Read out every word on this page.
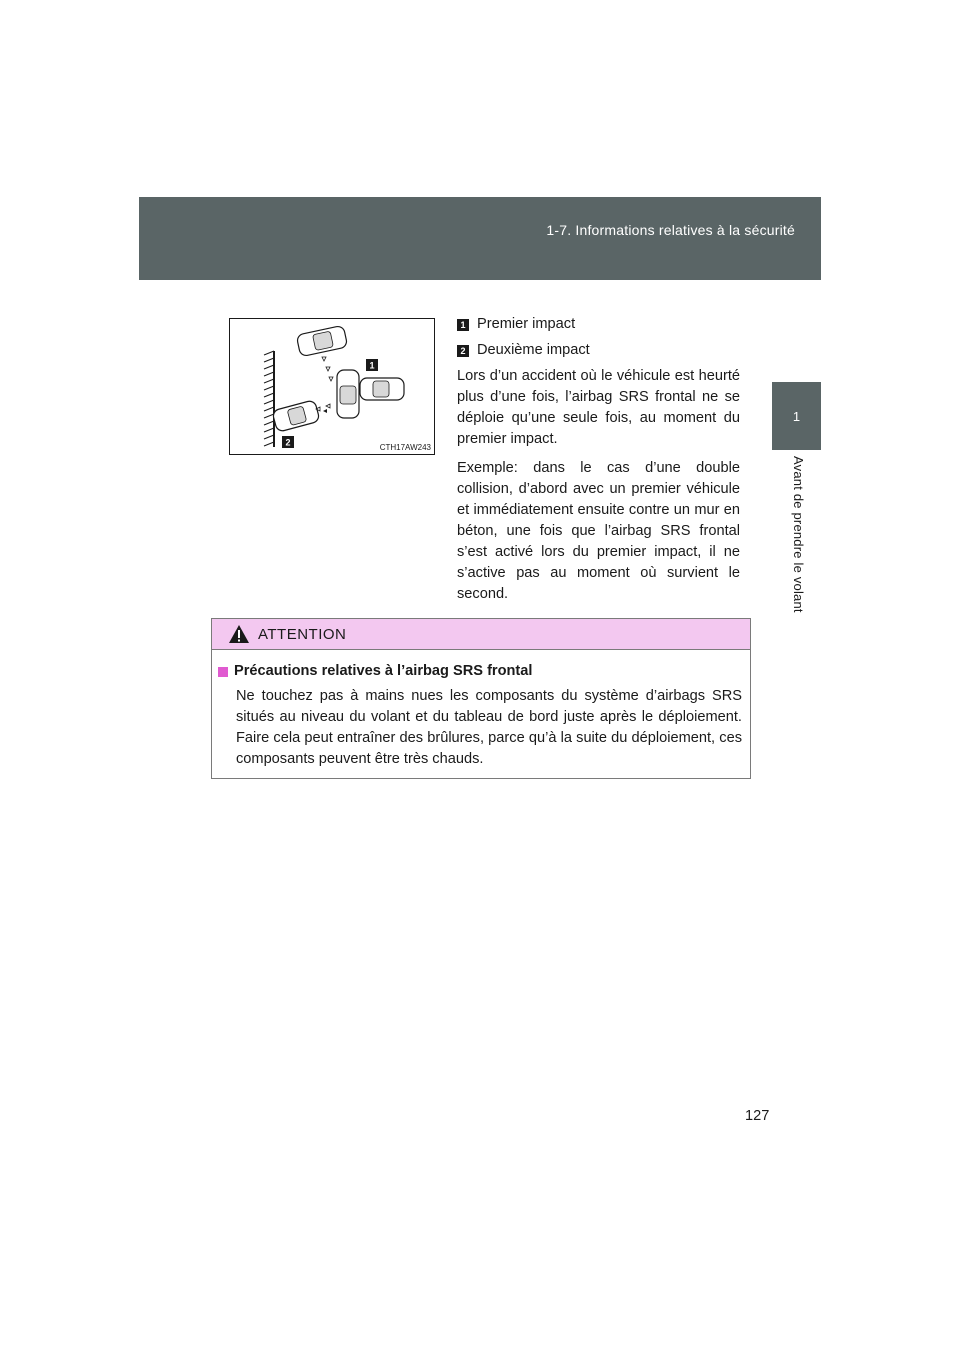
1-7. Informations relatives à la sécurité
1
Avant de prendre le volant
1
2	CTH17AW243
1 Premier impact
2 Deuxième impact

Lors d’un accident où le véhicule est heurté plus d’une fois, l’airbag SRS frontal ne se déploie qu’une seule fois, au moment du premier impact.

Exemple: dans le cas d’une double collision, d’abord avec un premier véhicule et immédiatement ensuite contre un mur en béton, une fois que l’airbag SRS frontal s’est activé lors du premier impact, il ne s’active pas au moment où survient le second.

ATTENTION
Précautions relatives à l’airbag SRS frontal

Ne touchez pas à mains nues les composants du système d’airbags SRS situés au niveau du volant et du tableau de bord juste après le déploiement. Faire cela peut entraîner des brûlures, parce qu’à la suite du déploiement, ces composants peuvent être très chauds.

127
